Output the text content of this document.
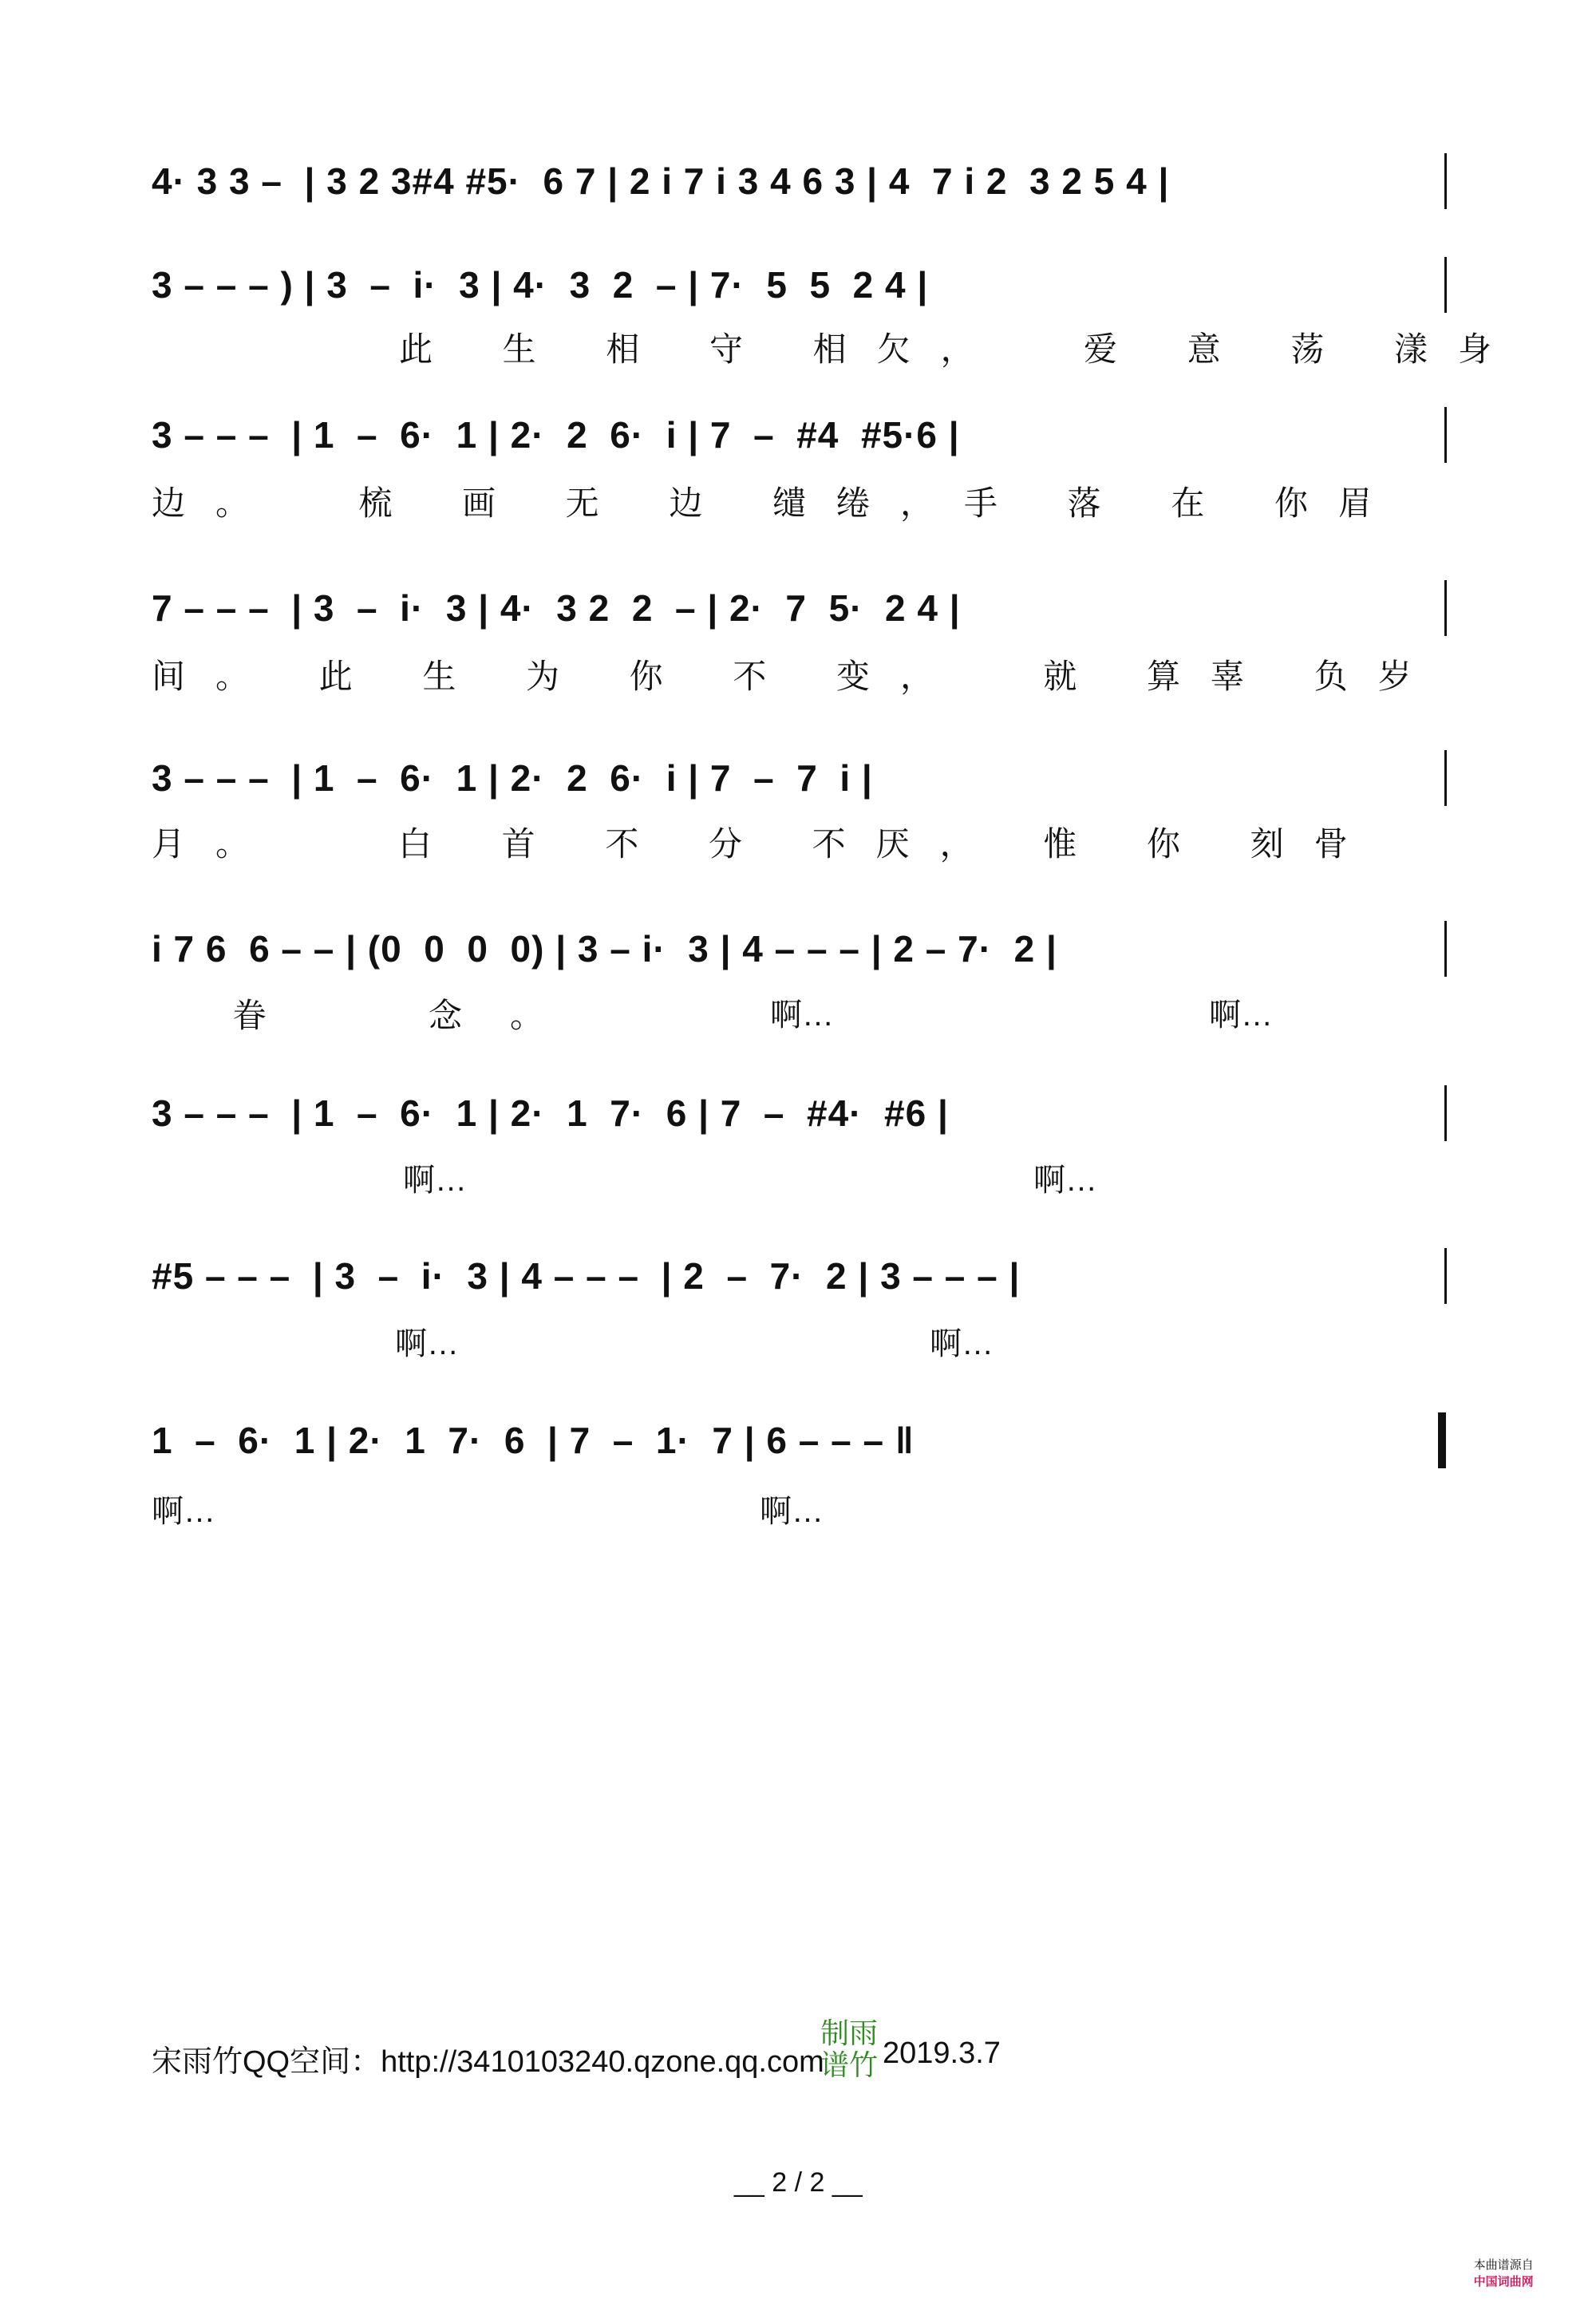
4· 3 3 –  | 3 2 3#4 #5·  6 7 | 2 i 7 i 3 4 6 3 | 4  7 i 2  3 2 5 4 |
3 – – – ) | 3  –  i·  3 | 4·  3  2  – | 7·  5  5  2 4 |
此 生 相 守 相欠，  爱 意 荡 漾身
3 – – –  | 1  –  6·  1 | 2·  2  6·  i | 7  –  #4  #5·6 |
边。  梳 画 无 边 缱绻，手 落 在 你眉
7 – – –  | 3  –  i·  3 | 4·  3 2  2  – | 2·  7  5·  2 4 |
间。 此 生 为 你 不 变，  就 算辜 负岁
3 – – –  | 1  –  6·  1 | 2·  2  6·  i | 7  –  7  i |
月。   白 首 不 分 不厌， 惟 你 刻骨
i 7 6  6 – – | (0  0  0  0) | 3 – i·  3 | 4 – – – | 2 – 7·  2 |
眷  念。	啊…	啊…
3 – – –  | 1  –  6·  1 | 2·  1  7·  6 | 7  –  #4·  #6 |
啊…	啊…
#5 – – –  | 3  –  i·  3 | 4 – – –  | 2  –  7·  2 | 3 – – – |
啊…	啊…
1  –  6·  1 | 2·  1  7·  6  | 7  –  1·  7 | 6 – – – ‖
啊…	啊…
宋雨竹QQ空间：http://3410103240.qzone.qq.com
制雨
谱竹 2019.3.7
__ 2 / 2 __

本曲谱源自
中国词曲网
